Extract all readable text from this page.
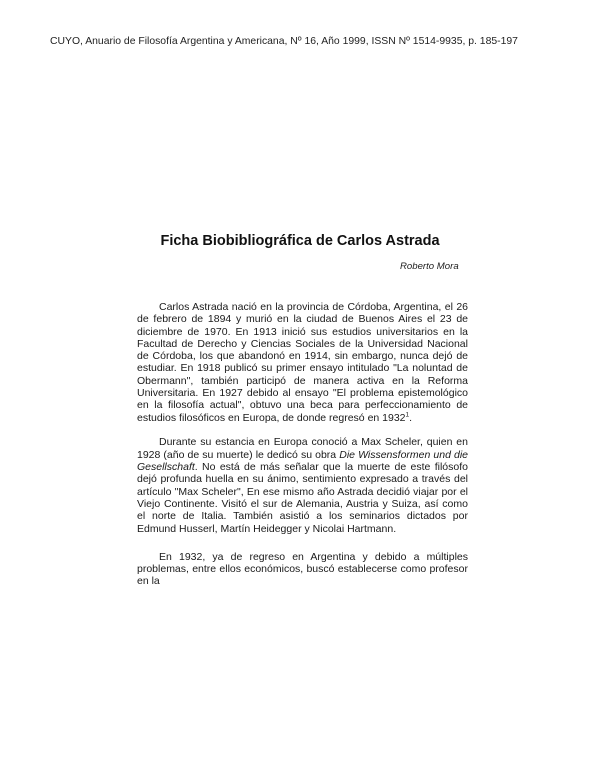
CUYO, Anuario de Filosofía Argentina y Americana, Nº 16, Año 1999, ISSN Nº 1514-9935, p. 185-197
Ficha Biobibliográfica de Carlos Astrada
Roberto Mora

Carlos Astrada nació en la provincia de Córdoba, Argentina, el 26 de febrero de 1894 y murió en la ciudad de Buenos Aires el 23 de diciembre de 1970. En 1913 inició sus estudios universitarios en la Facultad de Derecho y Ciencias Sociales de la Universidad Nacional de Córdoba, los que abandonó en 1914, sin embargo, nunca dejó de estudiar. En 1918 publicó su primer ensayo intitulado "La noluntad de Obermann", también participó de manera activa en la Reforma Universitaria. En 1927 debido al ensayo "El problema epistemológico en la filosofía actual", obtuvo una beca para perfeccionamiento de estudios filosóficos en Europa, de donde regresó en 1932$^1$.

Durante su estancia en Europa conoció a Max Scheler, quien en 1928 (año de su muerte) le dedicó su obra Die Wissensformen und die Gesellschaft. No está de más señalar que la muerte de este filósofo dejó profunda huella en su ánimo, sentimiento expresado a través del artículo "Max Scheler", En ese mismo año Astrada decidió viajar por el Viejo Continente. Visitó el sur de Alemania, Austria y Suiza, así como el norte de Italia. También asistió a los seminarios dictados por Edmund Husserl, Martín Heidegger y Nicolai Hartmann.

En 1932, ya de regreso en Argentina y debido a múltiples problemas, entre ellos económicos, buscó establecerse como profesor en la
